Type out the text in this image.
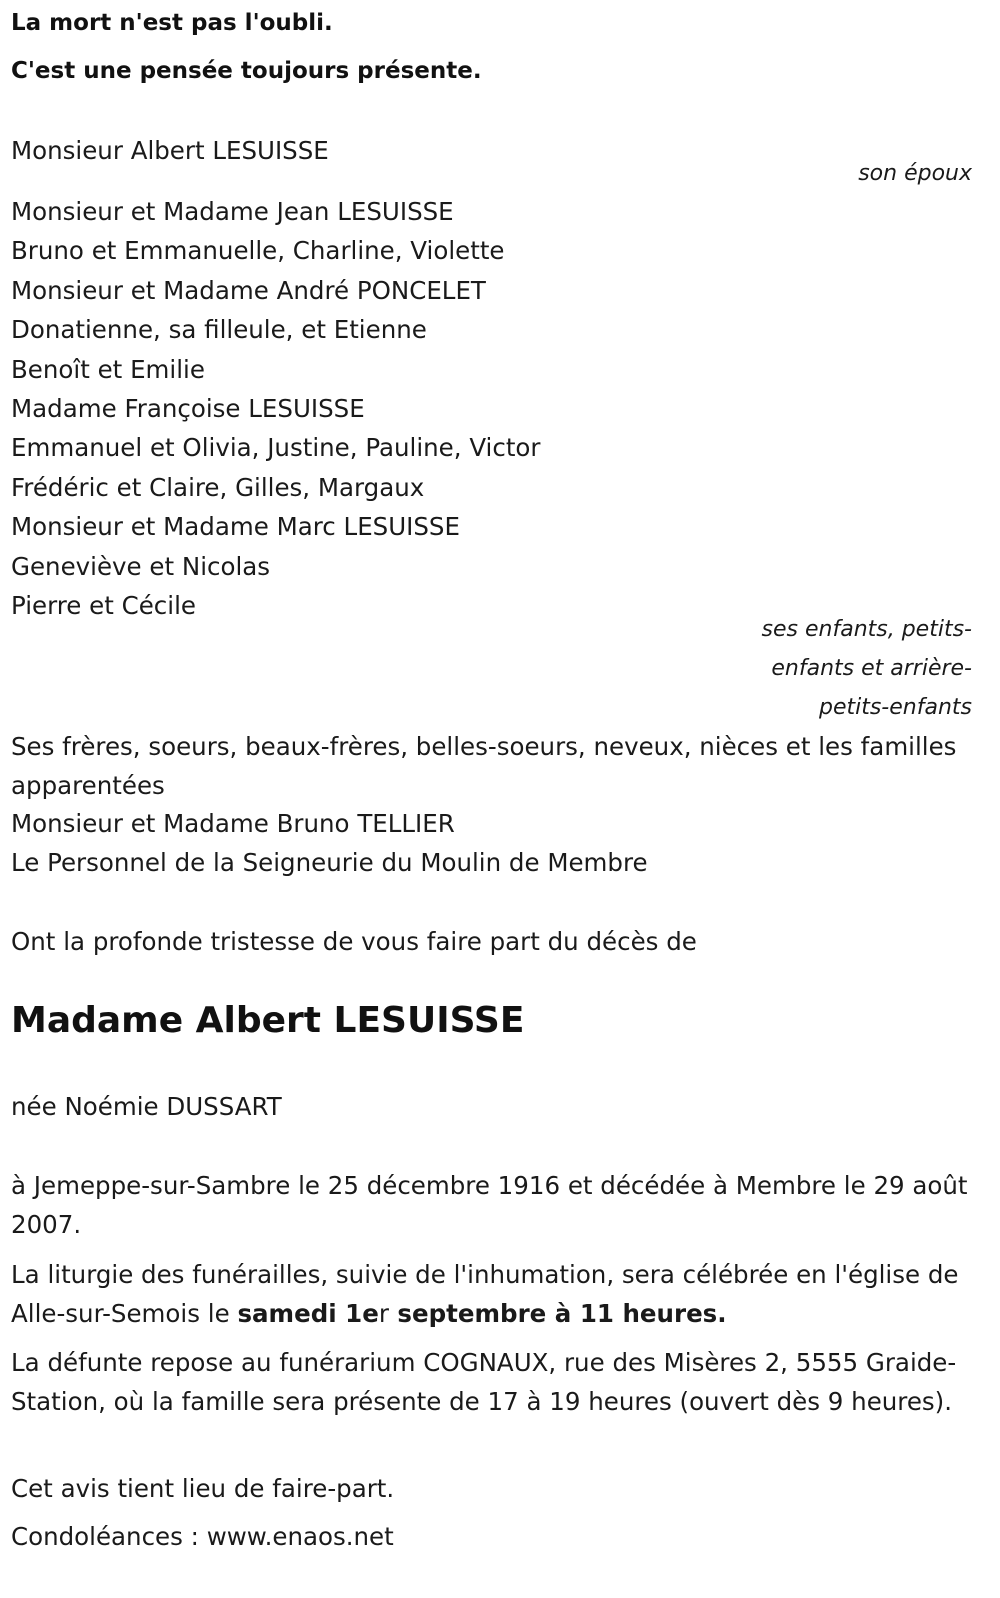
La mort n'est pas l'oubli.

C'est une pensée toujours présente.

Monsieur Albert LESUISSE

son époux

Monsieur et Madame Jean LESUISSE
Bruno et Emmanuelle, Charline, Violette
Monsieur et Madame André PONCELET
Donatienne, sa filleule, et Etienne
Benoît et Emilie
Madame Françoise LESUISSE
Emmanuel et Olivia, Justine, Pauline, Victor
Frédéric et Claire, Gilles, Margaux
Monsieur et Madame Marc LESUISSE
Geneviève et Nicolas
Pierre et Cécile

ses enfants, petits-enfants et arrière-petits-enfants

Ses frères, soeurs, beaux-frères, belles-soeurs, neveux, nièces et les familles apparentées

Monsieur et Madame Bruno TELLIER

Le Personnel de la Seigneurie du Moulin de Membre

Ont la profonde tristesse de vous faire part du décès de

Madame Albert LESUISSE

née Noémie DUSSART

à Jemeppe-sur-Sambre le 25 décembre 1916 et décédée à Membre le 29 août 2007.

La liturgie des funérailles, suivie de l'inhumation, sera célébrée en l'église de Alle-sur-Semois le samedi 1er septembre à 11 heures.

La défunte repose au funérarium COGNAUX, rue des Misères 2, 5555 Graide-Station, où la famille sera présente de 17 à 19 heures (ouvert dès 9 heures).

Cet avis tient lieu de faire-part.

Condoléances : www.enaos.net
